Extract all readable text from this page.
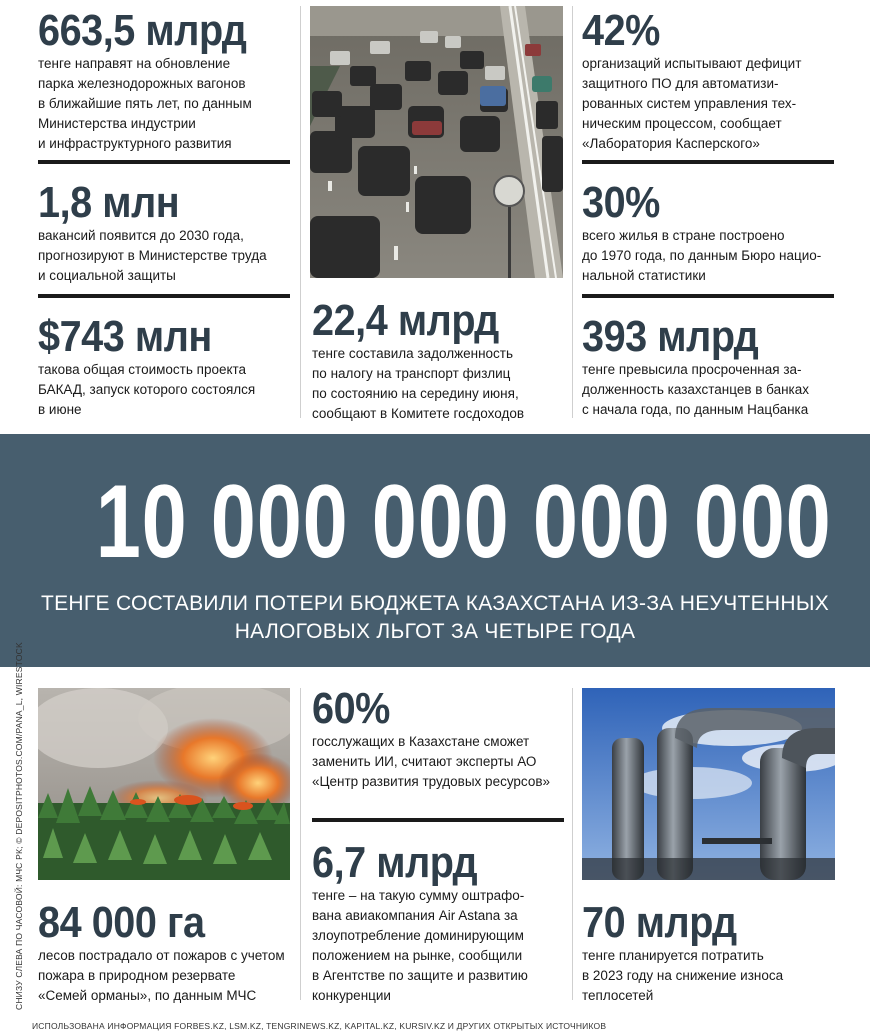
663,5 млрд
тенге направят на обновление
парка железнодорожных вагонов
в ближайшие пять лет, по данным
Министерства индустрии
и инфраструктурного развития
1,8 млн
вакансий появится до 2030 года,
прогнозируют в Министерстве труда
и социальной защиты
$743 млн
такова общая стоимость проекта
БАКАД, запуск которого состоялся
в июне
22,4 млрд
тенге составила задолженность
по налогу на транспорт физлиц
по состоянию на середину июня,
сообщают в Комитете госдоходов
42%
организаций испытывают дефицит
защитного ПО для автоматизи-
рованных систем управления тех-
ническим процессом, сообщает
«Лаборатория Касперского»
30%
всего жилья в стране построено
до 1970 года, по данным Бюро нацио-
нальной статистики
393 млрд
тенге превысила просроченная за-
долженность казахстанцев в банках
с начала года, по данным Нацбанка
10 000 000 000 000
ТЕНГЕ СОСТАВИЛИ ПОТЕРИ БЮДЖЕТА КАЗАХСТАНА ИЗ-ЗА НЕУЧТЕННЫХ
НАЛОГОВЫХ ЛЬГОТ ЗА ЧЕТЫРЕ ГОДА
СНИЗУ СЛЕВА ПО ЧАСОВОЙ: МЧС РК; © DEPOSITPHOTOS.COM/PANA_L, WIRESTOCK 84 000 га
лесов пострадало от пожаров с учетом
пожара в природном резервате
«Семей орманы», по данным МЧС
60%
госслужащих в Казахстане сможет
заменить ИИ, считают эксперты АО
«Центр развития трудовых ресурсов»
6,7 млрд
тенге – на такую сумму оштрафо-
вана авиакомпания Air Astana за
злоупотребление доминирующим
положением на рынке, сообщили
в Агентстве по защите и развитию
конкуренции
70 млрд
тенге планируется потратить
в 2023 году на снижение износа
теплосетей
ИСПОЛЬЗОВАНА ИНФОРМАЦИЯ FORBES.KZ, LSM.KZ, TENGRINEWS.KZ, KAPITAL.KZ, KURSIV.KZ И ДРУГИХ ОТКРЫТЫХ ИСТОЧНИКОВ
